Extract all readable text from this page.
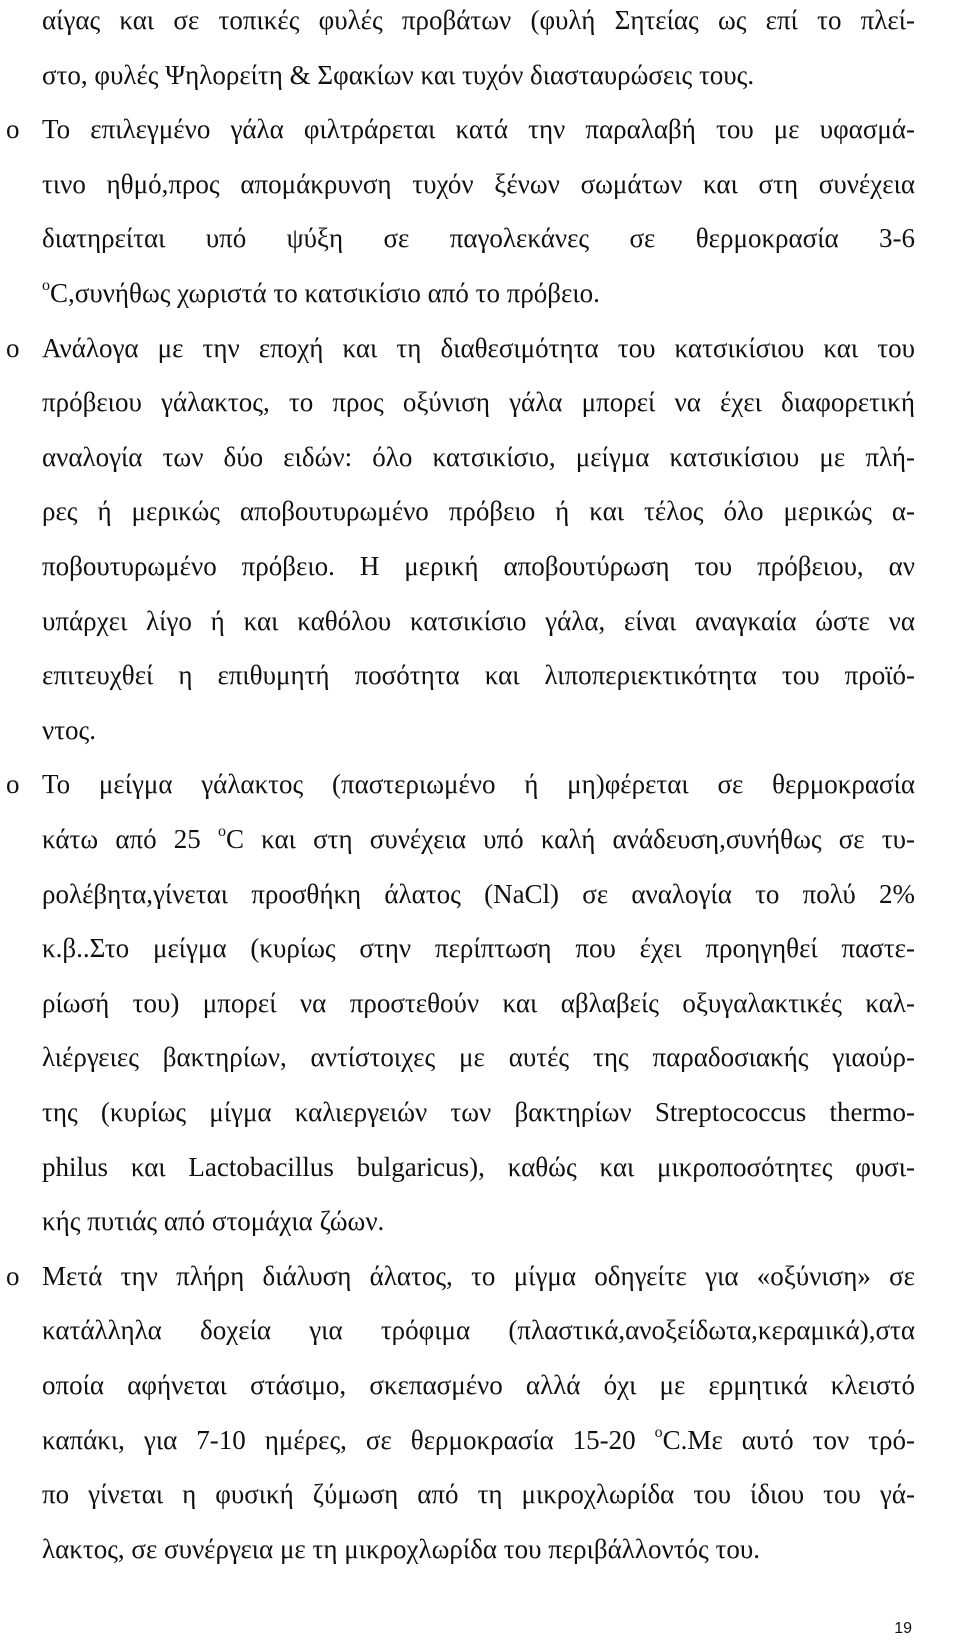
19
αίγας και σε τοπικές φυλές προβάτων (φυλή Σητείας ως επί το πλεί-
στο, φυλές Ψηλορείτη & Σφακίων και τυχόν διασταυρώσεις τους.
o Το επιλεγμένο γάλα φιλτράρεται κατά την παραλαβή του με υφασμά-
τινο ηθμό,προς απομάκρυνση τυχόν ξένων σωμάτων και στη συνέχεια
διατηρείται υπό ψύξη σε παγολεκάνες σε θερμοκρασία 3-6
$^o$C,συνήθως χωριστά το κατσικίσιο από το πρόβειο.
o Ανάλογα με την εποχή και τη διαθεσιμότητα του κατσικίσιου και του
πρόβειου γάλακτος, το προς οξύνιση γάλα μπορεί να έχει διαφορετική
αναλογία των δύο ειδών: όλο κατσικίσιο, μείγμα κατσικίσιου με πλή-
ρες ή μερικώς αποβουτυρωμένο πρόβειο ή και τέλος όλο μερικώς α-
ποβουτυρωμένο πρόβειο. Η μερική αποβουτύρωση του πρόβειου, αν
υπάρχει λίγο ή και καθόλου κατσικίσιο γάλα, είναι αναγκαία ώστε να
επιτευχθεί η επιθυμητή ποσότητα και λιποπεριεκτικότητα του προϊό-
ντος.
o Το μείγμα γάλακτος (παστεριωμένο ή μη)φέρεται σε θερμοκρασία
κάτω από 25 $^o$C και στη συνέχεια υπό καλή ανάδευση,συνήθως σε τυ-
ρολέβητα,γίνεται προσθήκη άλατος (NaCl) σε αναλογία το πολύ 2%
κ.β..Στο μείγμα (κυρίως στην περίπτωση που έχει προηγηθεί παστε-
ρίωσή του) μπορεί να προστεθούν και αβλαβείς οξυγαλακτικές καλ-
λιέργειες βακτηρίων, αντίστοιχες με αυτές της παραδοσιακής γιαούρ-
της (κυρίως μίγμα καλιεργειών των βακτηρίων Streptococcus thermo-
philus και Lactobacillus bulgaricus), καθώς και μικροποσότητες φυσι-
κής πυτιάς από στομάχια ζώων.
o Μετά την πλήρη διάλυση άλατος, το μίγμα οδηγείτε για «οξύνιση» σε
κατάλληλα δοχεία για τρόφιμα (πλαστικά,ανοξείδωτα,κεραμικά),στα
οποία αφήνεται στάσιμο, σκεπασμένο αλλά όχι με ερμητικά κλειστό
καπάκι, για 7-10 ημέρες, σε θερμοκρασία 15-20 $^o$C.Με αυτό τον τρό-
πο γίνεται η φυσική ζύμωση από τη μικροχλωρίδα του ίδιου του γά-
λακτος, σε συνέργεια με τη μικροχλωρίδα του περιβάλλοντός του.
